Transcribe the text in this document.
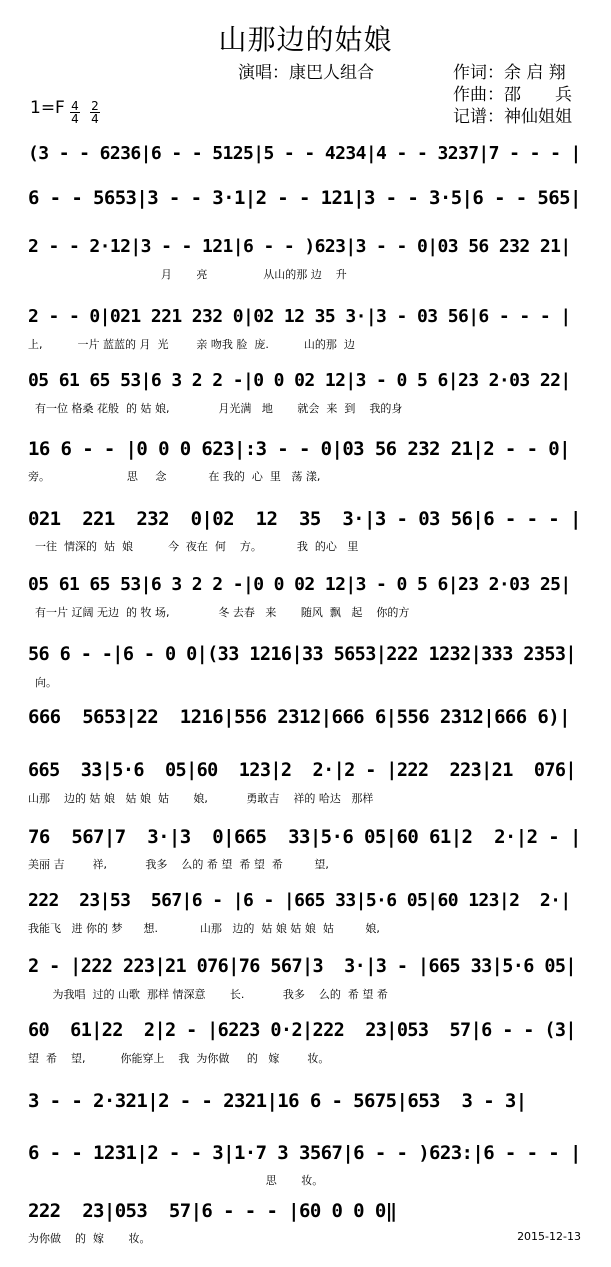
山那边的姑娘
演唱：康巴人组合	作词：余 启 翔
作曲：邵　　兵
记谱：神仙姐姐
$1=F \frac{4}{4} \frac{2}{4}$
(3 - - 6236|6 - - 5125|5 - - 4234|4 - - 3237|7 - - - |
6 - - 5653|3 - - 3·1|2 - - 121|3 - - 3·5|6 - - 565|
2 - - 2·12|3 - - 121|6 - - )623|3 - - 0|03 56 232 21|
月       亮                从山的那 边    升
2 - - 0|021 221 232 0|02 12 35 3·|3 - 03 56|6 - - - |
上,          一片 蓝蓝的 月  光        亲 吻我 脸  庞.          山的那  边
05 61 65 53|6 3 2 2 -|0 0 02 12|3 - 0 5 6|23 2·03 22|
有一位 格桑 花般  的 姑 娘,              月光满   地       就会  来  到    我的身
16 6 - - |0 0 0 623|:3 - - 0|03 56 232 21|2 - - 0|
旁。                      思     念            在 我的  心  里   荡 漾,
021  221  232  0|02  12  35  3·|3 - 03 56|6 - - - |
一往  情深的  姑  娘          今  夜在  何    方。          我  的心   里
05 61 65 53|6 3 2 2 -|0 0 02 12|3 - 0 5 6|23 2·03 25|
有一片 辽阔 无边  的 牧 场,              冬 去春   来       随风  飘   起    你的方
56 6 - -|6 - 0 0|(33 1216|33 5653|222 1232|333 2353|
向。
666  5653|22  1216|556 2312|666 6|556 2312|666 6)|
665  33|5·6  05|60  123|2  2·|2 - |222  223|21  076|
山那    边的 姑 娘   姑 娘  姑       娘,           勇敢吉    祥的 哈达   那样
76  567|7  3·|3  0|665  33|5·6 05|60 61|2  2·|2 - |
美丽 吉        祥,           我多    么的 希 望  希 望  希         望,
222  23|53  567|6 - |6 - |665 33|5·6 05|60 123|2  2·|
我能飞   进 你的 梦      想.            山那   边的  姑 娘 姑 娘  姑         娘,
2 - |222 223|21 076|76 567|3  3·|3 - |665 33|5·6 05|
为我唱  过的 山歌  那样 情深意       长.           我多    么的  希 望 希
60  61|22  2|2 - |6223 0·2|222  23|053  57|6 - - (3|
望  希    望,          你能穿上    我  为你做     的   嫁        妆。
3 - - 2·321|2 - - 2321|16 6 - 5675|653  3 - 3|
6 - - 1231|2 - - 3|1·7 3 3567|6 - - )623:|6 - - - |
思       妆。
222  23|053  57|6 - - - |60 0 0 0‖
为你做    的  嫁       妆。	2015-12-13
